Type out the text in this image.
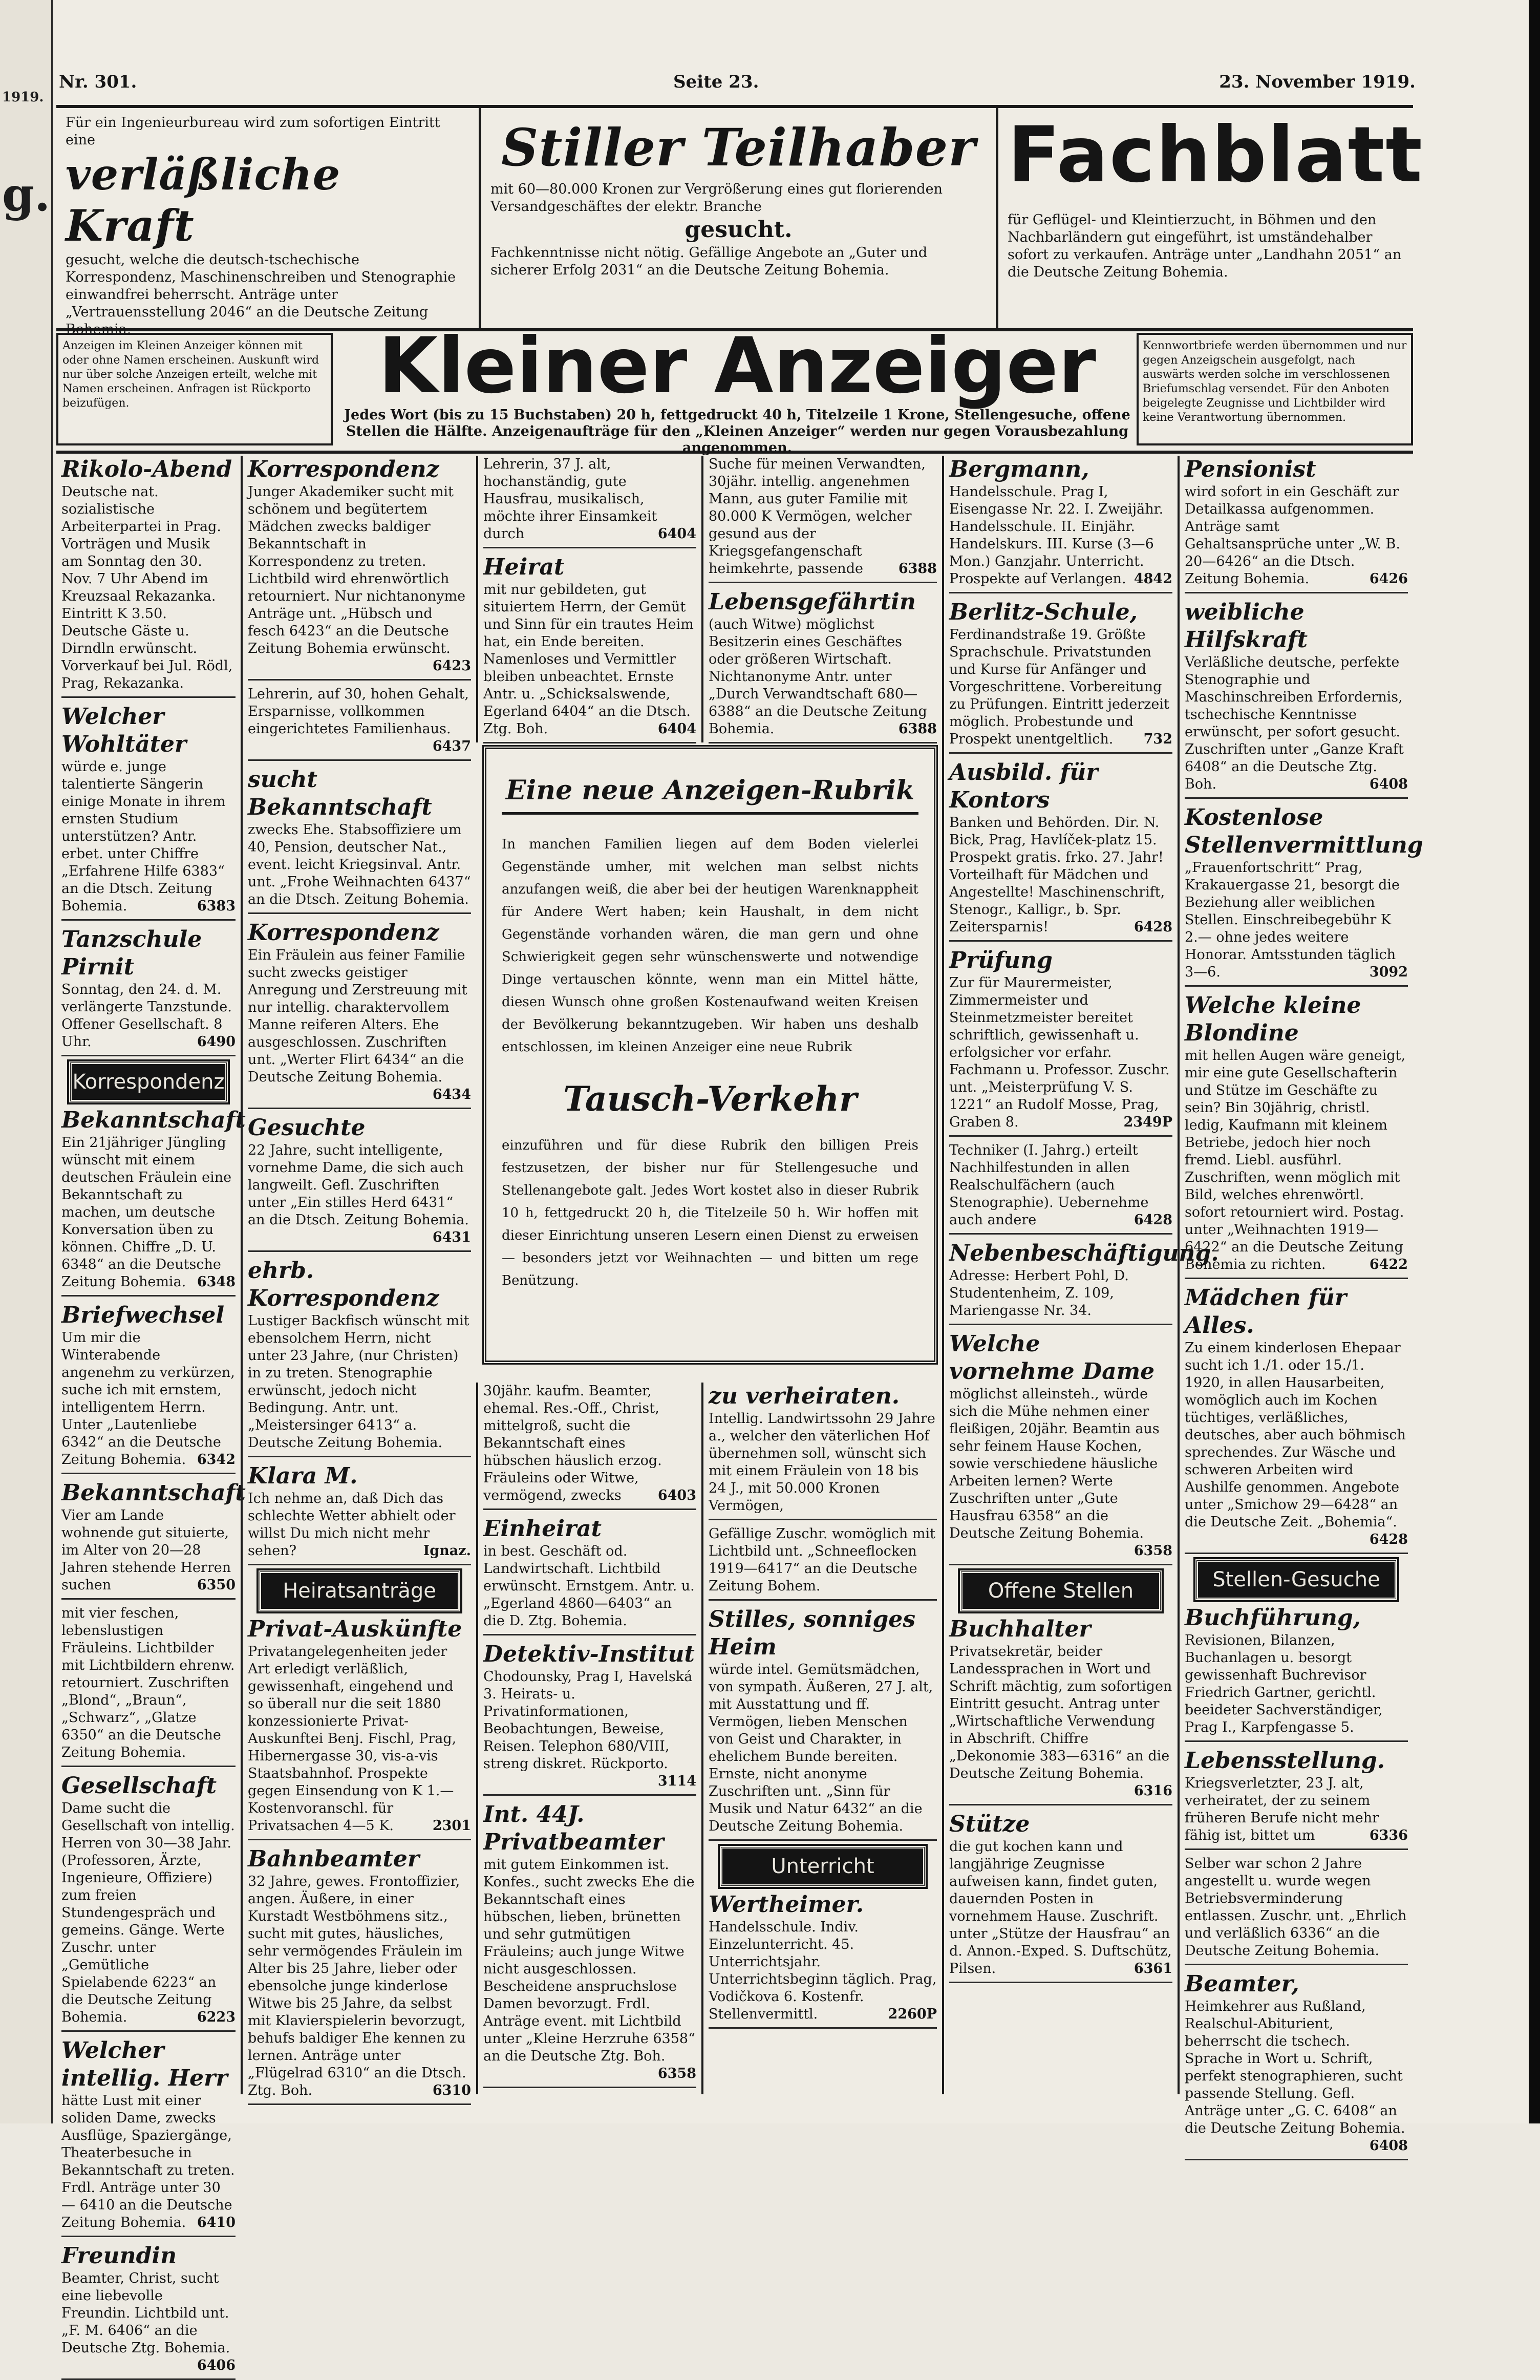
1919.
g.
Nr. 301.	Seite 23.	23. November 1919.
Für ein Ingenieurbureau wird zum sofortigen Eintritt eine
verläßliche Kraft
gesucht, welche die deutsch-tschechische Korrespondenz, Maschinenschreiben und Stenographie einwandfrei beherrscht. Anträge unter „Vertrauensstellung 2046“ an die Deutsche Zeitung Bohemia.
Stiller Teilhaber
mit 60—80.000 Kronen zur Vergrößerung eines gut florierenden Versandgeschäftes der elektr. Branche
gesucht.
Fachkenntnisse nicht nötig. Gefällige Angebote an „Guter und sicherer Erfolg 2031“ an die Deutsche Zeitung Bohemia.
Fachblatt
für Geflügel- und Kleintierzucht, in Böhmen und den Nachbarländern gut eingeführt, ist umständehalber sofort zu verkaufen. Anträge unter „Landhahn 2051“ an die Deutsche Zeitung Bohemia.
Anzeigen im Kleinen Anzeiger können mit oder ohne Namen erscheinen. Auskunft wird nur über solche Anzeigen erteilt, welche mit Namen erscheinen. Anfragen ist Rückporto beizufügen.	Kleiner Anzeiger
Jedes Wort (bis zu 15 Buchstaben) 20 h, fettgedruckt 40 h, Titelzeile 1 Krone, Stellengesuche, offene Stellen die Hälfte. Anzeigenaufträge für den „Kleinen Anzeiger“ werden nur gegen Vorausbezahlung angenommen.
Kennwortbriefe werden übernommen und nur gegen Anzeigschein ausgefolgt, nach auswärts werden solche im verschlossenen Briefumschlag versendet. Für den Anboten beigelegte Zeugnisse und Lichtbilder wird keine Verantwortung übernommen.
Rikolo-Abend
Deutsche nat. sozialistische Arbeiterpartei in Prag. Vorträgen und Musik am Sonntag den 30. Nov. 7 Uhr Abend im Kreuzsaal Rekazanka. Eintritt K 3.50. Deutsche Gäste u. Dirndln erwünscht. Vorverkauf bei Jul. Rödl, Prag, Rekazanka.
Welcher Wohltäter
würde e. junge talentierte Sängerin einige Monate in ihrem ernsten Studium unterstützen? Antr. erbet. unter Chiffre „Erfahrene Hilfe 6383“ an die Dtsch. Zeitung Bohemia.	6383
Tanzschule Pirnit
Sonntag, den 24. d. M. verlängerte Tanzstunde. Offener Gesellschaft. 8 Uhr.	6490
Korrespondenz
Bekanntschaft
Ein 21jähriger Jüngling wünscht mit einem deutschen Fräulein eine Bekanntschaft zu machen, um deutsche Konversation üben zu können. Chiffre „D. U. 6348“ an die Deutsche Zeitung Bohemia. 6348
Briefwechsel
Um mir die Winterabende angenehm zu verkürzen, suche ich mit ernstem, intelligentem Herrn. Unter „Lautenliebe 6342“ an die Deutsche Zeitung Bohemia. 6342
Bekanntschaft
Vier am Lande wohnende gut situierte, im Alter von 20—28 Jahren stehende Herren suchen	6350
mit vier feschen, lebenslustigen Fräuleins. Lichtbilder mit Lichtbildern ehrenw. retourniert. Zuschriften „Blond“, „Braun“, „Schwarz“, „Glatze 6350“ an die Deutsche Zeitung Bohemia.
Gesellschaft
Dame sucht die Gesellschaft von intellig. Herren von 30—38 Jahr. (Professoren, Ärzte, Ingenieure, Offiziere) zum freien Stundengespräch und gemeins. Gänge. Werte Zuschr. unter „Gemütliche Spielabende 6223“ an die Deutsche Zeitung Bohemia.	6223
Welcher intellig. Herr
hätte Lust mit einer soliden Dame, zwecks Ausflüge, Spaziergänge, Theaterbesuche in Bekanntschaft zu treten. Frdl. Anträge unter 30 — 6410 an die Deutsche Zeitung Bohemia. 6410
Freundin
Beamter, Christ, sucht eine liebevolle Freundin. Lichtbild unt. „F. M. 6406“ an die Deutsche Ztg. Bohemia.
6406
Korrespondenz
Junger Akademiker sucht mit schönem und begütertem Mädchen zwecks baldiger Bekanntschaft in Korrespondenz zu treten. Lichtbild wird ehrenwörtlich retourniert. Nur nichtanonyme Anträge unt. „Hübsch und fesch 6423“ an die Deutsche Zeitung Bohemia erwünscht.
6423
Lehrerin, auf 30, hohen Gehalt, Ersparnisse, vollkommen eingerichtetes Familienhaus.
6437
sucht Bekanntschaft
zwecks Ehe. Stabsoffiziere um 40, Pension, deutscher Nat., event. leicht Kriegsinval. Antr. unt. „Frohe Weihnachten 6437“ an die Dtsch. Zeitung Bohemia.
Korrespondenz
Ein Fräulein aus feiner Familie sucht zwecks geistiger Anregung und Zerstreuung mit nur intellig. charaktervollem Manne reiferen Alters. Ehe ausgeschlossen. Zuschriften unt. „Werter Flirt 6434“ an die Deutsche Zeitung Bohemia.
6434
Gesuchte
22 Jahre, sucht intelligente, vornehme Dame, die sich auch langweilt. Gefl. Zuschriften unter „Ein stilles Herd 6431“ an die Dtsch. Zeitung Bohemia.
6431
ehrb. Korrespondenz
Lustiger Backfisch wünscht mit ebensolchem Herrn, nicht unter 23 Jahre, (nur Christen) in zu treten. Stenographie erwünscht, jedoch nicht Bedingung. Antr. unt. „Meistersinger 6413“ a. Deutsche Zeitung Bohemia.
Klara M.
Ich nehme an, daß Dich das schlechte Wetter abhielt oder willst Du mich nicht mehr sehen?	Ignaz.
Heiratsanträge
Privat-Auskünfte
Privatangelegenheiten jeder Art erledigt verläßlich, gewissenhaft, eingehend und so überall nur die seit 1880 konzessionierte Privat-Auskunftei Benj. Fischl, Prag, Hibernergasse 30, vis-a-vis Staatsbahnhof. Prospekte gegen Einsendung von K 1.— Kostenvoranschl. für Privatsachen 4—5 K.	2301
Bahnbeamter
32 Jahre, gewes. Frontoffizier, angen. Äußere, in einer Kurstadt Westböhmens sitz., sucht mit gutes, häusliches, sehr vermögendes Fräulein im Alter bis 25 Jahre, lieber oder ebensolche junge kinderlose Witwe bis 25 Jahre, da selbst mit Klavierspielerin bevorzugt, behufs baldiger Ehe kennen zu lernen. Anträge unter „Flügelrad 6310“ an die Dtsch. Ztg. Boh.	6310
Lehrerin, 37 J. alt, hochanständig, gute Hausfrau, musikalisch, möchte ihrer Einsamkeit durch	6404
Heirat
mit nur gebildeten, gut situiertem Herrn, der Gemüt und Sinn für ein trautes Heim hat, ein Ende bereiten. Namenloses und Vermittler bleiben unbeachtet. Ernste Antr. u. „Schicksalswende, Egerland 6404“ an die Dtsch. Ztg. Boh.	6404
Suche für meinen Verwandten, 30jähr. intellig. angenehmen Mann, aus guter Familie mit 80.000 K Vermögen, welcher gesund aus der Kriegsgefangenschaft heimkehrte, passende	6388
Lebensgefährtin
(auch Witwe) möglichst Besitzerin eines Geschäftes oder größeren Wirtschaft. Nichtanonyme Antr. unter „Durch Verwandtschaft 680—6388“ an die Deutsche Zeitung Bohemia.	6388
30jähr. kaufm. Beamter, ehemal. Res.-Off., Christ, mittelgroß, sucht die Bekanntschaft eines hübschen häuslich erzog. Fräuleins oder Witwe, vermögend, zwecks	6403
Einheirat
in best. Geschäft od. Landwirtschaft. Lichtbild erwünscht. Ernstgem. Antr. u. „Egerland 4860—6403“ an die D. Ztg. Bohemia.
Detektiv-Institut
Chodounsky, Prag I, Havelská 3. Heirats- u. Privatinformationen, Beobachtungen, Beweise, Reisen. Telephon 680/VIII, streng diskret. Rückporto.
3114
Int. 44J. Privatbeamter
mit gutem Einkommen ist. Konfes., sucht zwecks Ehe die Bekanntschaft eines hübschen, lieben, brünetten und sehr gutmütigen Fräuleins; auch junge Witwe nicht ausgeschlossen. Bescheidene anspruchslose Damen bevorzugt. Frdl. Anträge event. mit Lichtbild unter „Kleine Herzruhe 6358“ an die Deutsche Ztg. Boh.
6358
zu verheiraten.
Intellig. Landwirtssohn 29 Jahre a., welcher den väterlichen Hof übernehmen soll, wünscht sich mit einem Fräulein von 18 bis 24 J., mit 50.000 Kronen Vermögen,
Gefällige Zuschr. womöglich mit Lichtbild unt. „Schneeflocken 1919—6417“ an die Deutsche Zeitung Bohem.
Stilles, sonniges Heim
würde intel. Gemütsmädchen, von sympath. Äußeren, 27 J. alt, mit Ausstattung und ff. Vermögen, lieben Menschen von Geist und Charakter, in ehelichem Bunde bereiten. Ernste, nicht anonyme Zuschriften unt. „Sinn für Musik und Natur 6432“ an die Deutsche Zeitung Bohemia.
Unterricht
Wertheimer.
Handelsschule. Indiv. Einzelunterricht. 45. Unterrichtsjahr. Unterrichtsbeginn täglich. Prag, Vodičkova 6. Kostenfr. Stellenvermittl.	2260P
Bergmann,
Handelsschule. Prag I, Eisengasse Nr. 22. I. Zweijähr. Handelsschule. II. Einjähr. Handelskurs. III. Kurse (3—6 Mon.) Ganzjahr. Unterricht. Prospekte auf Verlangen. 4842
Berlitz-Schule,
Ferdinandstraße 19. Größte Sprachschule. Privatstunden und Kurse für Anfänger und Vorgeschrittene. Vorbereitung zu Prüfungen. Eintritt jederzeit möglich. Probestunde und Prospekt unentgeltlich. 732
Ausbild. für Kontors
Banken und Behörden. Dir. N. Bick, Prag, Havlíček-platz 15. Prospekt gratis. frko. 27. Jahr! Vorteilhaft für Mädchen und Angestellte! Maschinenschrift, Stenogr., Kalligr., b. Spr. Zeitersparnis!	6428
Prüfung
Zur für Maurermeister, Zimmermeister und Steinmetzmeister bereitet schriftlich, gewissenhaft u. erfolgsicher vor erfahr. Fachmann u. Professor. Zuschr. unt. „Meisterprüfung V. S. 1221“ an Rudolf Mosse, Prag, Graben 8.	2349P
Techniker (I. Jahrg.) erteilt Nachhilfestunden in allen Realschulfächern (auch Stenographie). Uebernehme auch andere	6428
Nebenbeschäftigung.
Adresse: Herbert Pohl, D. Studentenheim, Z. 109, Mariengasse Nr. 34.
Welche vornehme Dame
möglichst alleinsteh., würde sich die Mühe nehmen einer fleißigen, 20jähr. Beamtin aus sehr feinem Hause Kochen, sowie verschiedene häusliche Arbeiten lernen? Werte Zuschriften unter „Gute Hausfrau 6358“ an die Deutsche Zeitung Bohemia.
6358
Offene Stellen
Buchhalter
Privatsekretär, beider Landessprachen in Wort und Schrift mächtig, zum sofortigen Eintritt gesucht. Antrag unter „Wirtschaftliche Verwendung in Abschrift. Chiffre „Dekonomie 383—6316“ an die Deutsche Zeitung Bohemia.
6316
Stütze
die gut kochen kann und langjährige Zeugnisse aufweisen kann, findet guten, dauernden Posten in vornehmem Hause. Zuschrift. unter „Stütze der Hausfrau“ an d. Annon.-Exped. S. Duftschütz, Pilsen.	6361
Pensionist
wird sofort in ein Geschäft zur Detailkassa aufgenommen. Anträge samt Gehaltsansprüche unter „W. B. 20—6426“ an die Dtsch. Zeitung Bohemia.	6426
weibliche Hilfskraft
Verläßliche deutsche, perfekte Stenographie und Maschinschreiben Erfordernis, tschechische Kenntnisse erwünscht, per sofort gesucht. Zuschriften unter „Ganze Kraft 6408“ an die Deutsche Ztg. Boh.	6408
Kostenlose Stellenvermittlung
„Frauenfortschritt“ Prag, Krakauergasse 21, besorgt die Beziehung aller weiblichen Stellen. Einschreibegebühr K 2.— ohne jedes weitere Honorar. Amtsstunden täglich 3—6.	3092
Welche kleine Blondine
mit hellen Augen wäre geneigt, mir eine gute Gesellschafterin und Stütze im Geschäfte zu sein? Bin 30jährig, christl. ledig, Kaufmann mit kleinem Betriebe, jedoch hier noch fremd. Liebl. ausführl. Zuschriften, wenn möglich mit Bild, welches ehrenwörtl. sofort retourniert wird. Postag. unter „Weihnachten 1919—6422“ an die Deutsche Zeitung Bohemia zu richten.	6422
Mädchen für Alles.
Zu einem kinderlosen Ehepaar sucht ich 1./1. oder 15./1. 1920, in allen Hausarbeiten, womöglich auch im Kochen tüchtiges, verläßliches, deutsches, aber auch böhmisch sprechendes. Zur Wäsche und schweren Arbeiten wird Aushilfe genommen. Angebote unter „Smichow 29—6428“ an die Deutsche Zeit. „Bohemia“.
6428
Stellen-Gesuche
Buchführung,
Revisionen, Bilanzen, Buchanlagen u. besorgt gewissenhaft Buchrevisor Friedrich Gartner, gerichtl. beeideter Sachverständiger, Prag I., Karpfengasse 5.
Lebensstellung.
Kriegsverletzter, 23 J. alt, verheiratet, der zu seinem früheren Berufe nicht mehr fähig ist, bittet um	6336
Selber war schon 2 Jahre angestellt u. wurde wegen Betriebsverminderung entlassen. Zuschr. unt. „Ehrlich und verläßlich 6336“ an die Deutsche Zeitung Bohemia.
Beamter,
Heimkehrer aus Rußland, Realschul-Abiturient, beherrscht die tschech. Sprache in Wort u. Schrift, perfekt stenographieren, sucht passende Stellung. Gefl. Anträge unter „G. C. 6408“ an die Deutsche Zeitung Bohemia.
6408
Eine neue Anzeigen-Rubrik

In manchen Familien liegen auf dem Boden vielerlei Gegenstände umher, mit welchen man selbst nichts anzufangen weiß, die aber bei der heutigen Warenknappheit für Andere Wert haben; kein Haushalt, in dem nicht Gegenstände vorhanden wären, die man gern und ohne Schwierigkeit gegen sehr wünschenswerte und notwendige Dinge vertauschen könnte, wenn man ein Mittel hätte, diesen Wunsch ohne großen Kostenaufwand weiten Kreisen der Bevölkerung bekanntzugeben. Wir haben uns deshalb entschlossen, im kleinen Anzeiger eine neue Rubrik

Tausch-Verkehr

einzuführen und für diese Rubrik den billigen Preis festzusetzen, der bisher nur für Stellengesuche und Stellenangebote galt. Jedes Wort kostet also in dieser Rubrik 10 h, fettgedruckt 20 h, die Titelzeile 50 h. Wir hoffen mit dieser Einrichtung unseren Lesern einen Dienst zu erweisen — besonders jetzt vor Weihnachten — und bitten um rege Benützung.
